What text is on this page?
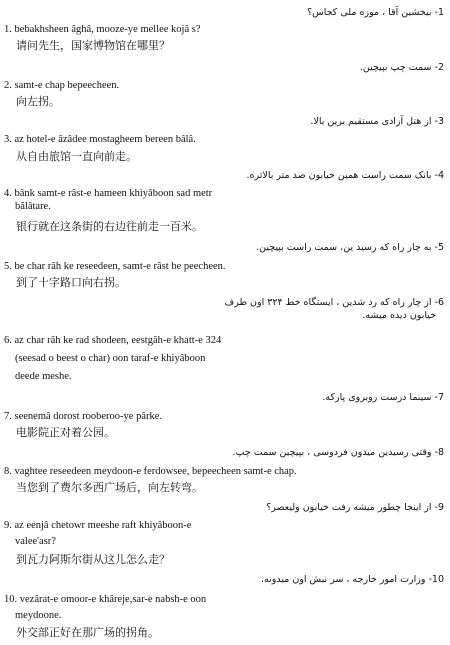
1- بیخشین آقا ، موزه ملی کجاس؟
1. bebakhsheen âghâ, mooze-ye mellee kojâ s?
请问先生，国家博物馆在哪里？
2- سمت چپ بپیچین.
2. samt-e chap bepeecheen.
向左拐。
3- از هتل آزادی مستقیم برین بالا.
3. az hotel-e âzâdee mostagheem bereen bâlâ.
从自由旅馆一直向前走。
4- بانک سمت راست همین خیابون صد متر بالاتره.
4. bânk samt-e râst-e hameen khiyâboon sad metr
bâlâtare.
银行就在这条街的右边往前走一百米。
5- به چار راه که رسید ین، سمت راست بپیچین.
5. be char râh ke reseedeen, samt-e râst be peecheen.
到了十字路口向右拐。
6- از چار راه که رد شدین ، ایستگاه خط ۳۲۴ اون طرف
خیابون دیده میشه.
6. az char râh ke rad shodeen, eestgâh-e khatt-e 324
(seesad o beest o char) oon taraf-e khiyâboon
deede meshe.
7- سینما درست روبروی پارکه.
7. seenemâ dorost rooberoo-ye pârke.
电影院正对着公园。
8- وقتی رسیدین میدون فردوسی ، بپیچین سمت چپ.
8. vaghtee reseedeen meydoon-e ferdowsee, bepeecheen samt-e chap.
当您到了费尔多西广场后，向左转弯。
9- از اینجا چطور میشه رفت خیابون ولیعصر؟
9. az eenjâ chetowr meeshe raft khiyâboon-e
valee'asr?
到瓦力阿斯尔街从这儿怎么走？
10- وزارت امور خارجه ، سر نبش اون میدونه.
10. vezârat-e omoor-e khâreje,sar-e nabsh-e oon
meydoone.
外交部正好在那广场的拐角。
